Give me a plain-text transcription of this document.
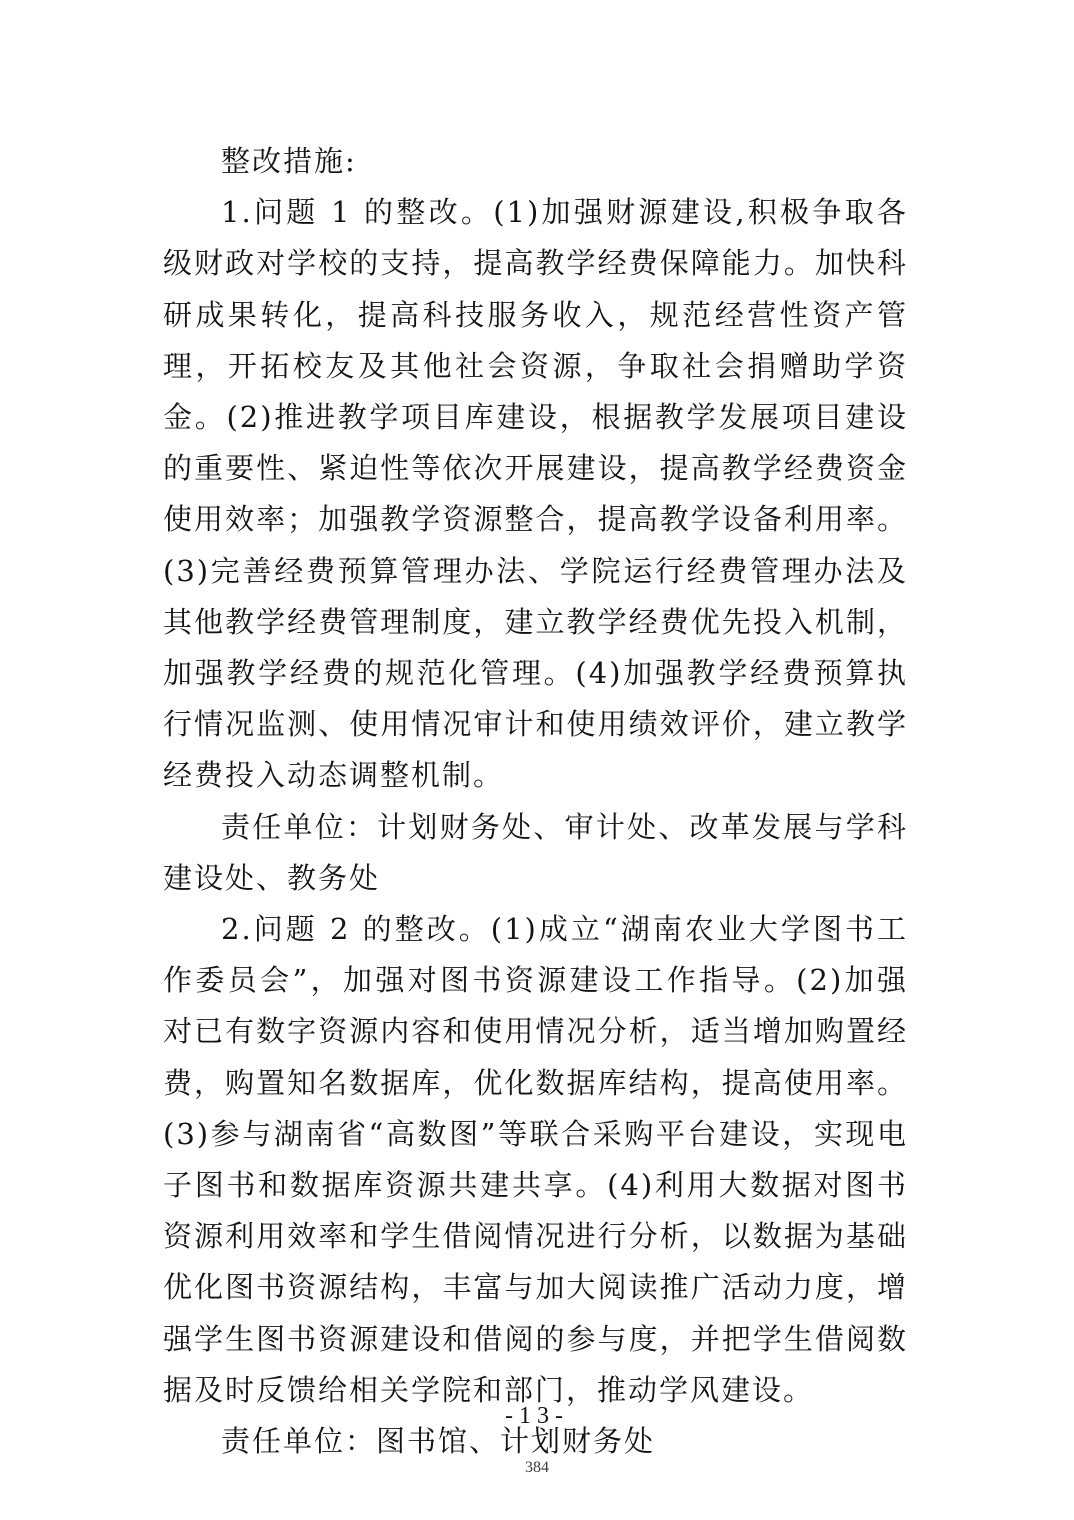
整改措施:

1.问题 1 的整改。(1)加强财源建设,积极争取各级财政对学校的支持，提高教学经费保障能力。加快科研成果转化，提高科技服务收入，规范经营性资产管理，开拓校友及其他社会资源，争取社会捐赠助学资金。(2)推进教学项目库建设，根据教学发展项目建设的重要性、紧迫性等依次开展建设，提高教学经费资金使用效率；加强教学资源整合，提高教学设备利用率。(3)完善经费预算管理办法、学院运行经费管理办法及其他教学经费管理制度，建立教学经费优先投入机制，加强教学经费的规范化管理。(4)加强教学经费预算执行情况监测、使用情况审计和使用绩效评价，建立教学经费投入动态调整机制。

责任单位：计划财务处、审计处、改革发展与学科建设处、教务处

2.问题 2 的整改。(1)成立“湖南农业大学图书工作委员会”，加强对图书资源建设工作指导。(2)加强对已有数字资源内容和使用情况分析，适当增加购置经费，购置知名数据库，优化数据库结构，提高使用率。(3)参与湖南省“高数图”等联合采购平台建设，实现电子图书和数据库资源共建共享。(4)利用大数据对图书资源利用效率和学生借阅情况进行分析，以数据为基础优化图书资源结构，丰富与加大阅读推广活动力度，增强学生图书资源建设和借阅的参与度，并把学生借阅数据及时反馈给相关学院和部门，推动学风建设。

责任单位：图书馆、计划财务处

-13-
384
